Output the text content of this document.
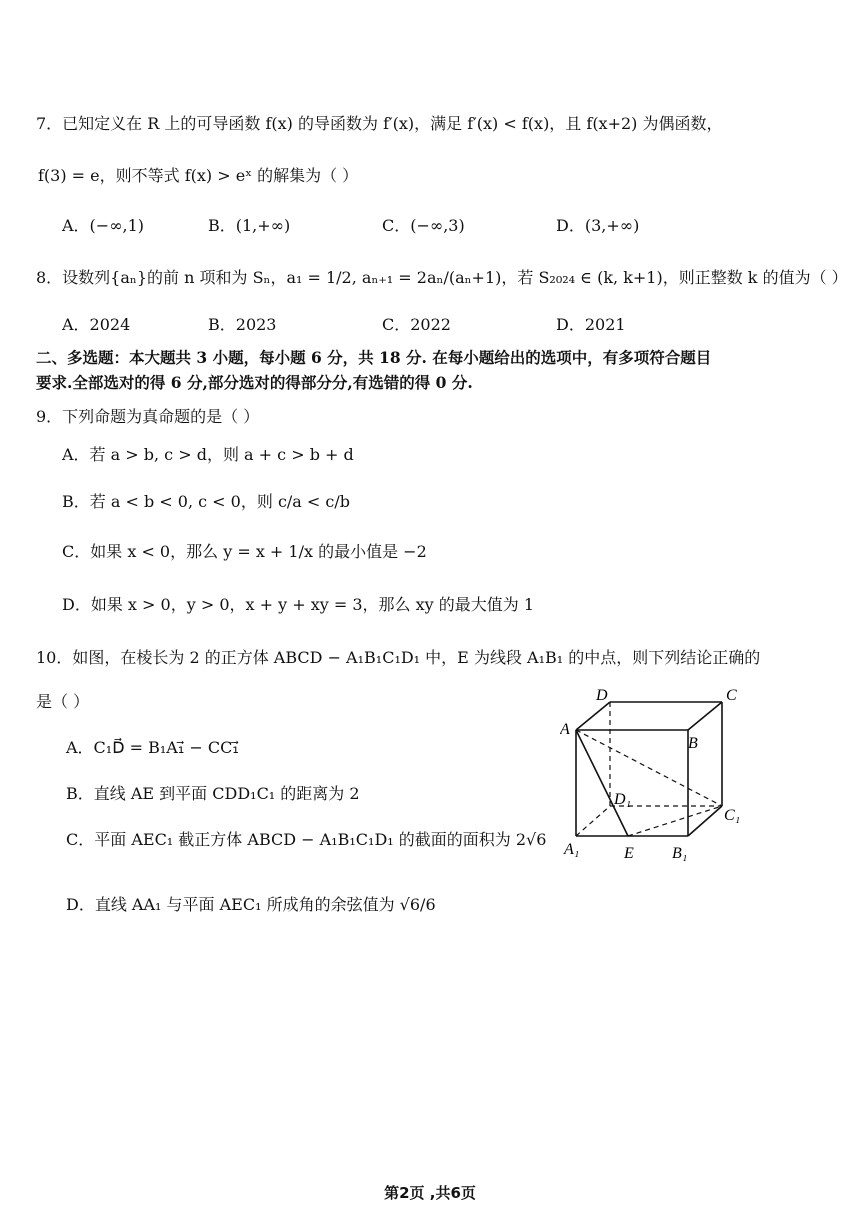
7．已知定义在 R 上的可导函数 f(x) 的导函数为 f′(x)，满足 f′(x) < f(x)，且 f(x+2) 为偶函数，
f(3) = e，则不等式 f(x) > eˣ 的解集为（ ）
A．(−∞,1)	B．(1,+∞)	C．(−∞,3)	D．(3,+∞)
8．设数列{aₙ}的前 n 项和为 Sₙ，a₁ = 1/2, aₙ₊₁ = 2aₙ/(aₙ+1)，若 S₂₀₂₄ ∈ (k, k+1)，则正整数 k 的值为（ ）
A．2024	B．2023	C．2022	D．2021
二、多选题：本大题共 3 小题，每小题 6 分，共 18 分. 在每小题给出的选项中，有多项符合题目
要求.全部选对的得 6 分,部分选对的得部分分,有选错的得 0 分.
9．下列命题为真命题的是（ ）
A．若 a > b, c > d，则 a + c > b + d
B．若 a < b < 0, c < 0，则 c/a < c/b
C．如果 x < 0，那么 y = x + 1/x 的最小值是 −2
D．如果 x > 0，y > 0，x + y + xy = 3，那么 xy 的最大值为 1
10．如图，在棱长为 2 的正方体 ABCD − A₁B₁C₁D₁ 中，E 为线段 A₁B₁ 的中点，则下列结论正确的
是（ ）
A．C₁D⃗ = B₁A₁⃗ − CC₁⃗
B．直线 AE 到平面 CDD₁C₁ 的距离为 2
C．平面 AEC₁ 截正方体 ABCD − A₁B₁C₁D₁ 的截面的面积为 2√6
D．直线 AA₁ 与平面 AEC₁ 所成角的余弦值为 √6/6
D	C
A
B
D₁
C₁
A₁	E B₁
第2页 ,共6页
